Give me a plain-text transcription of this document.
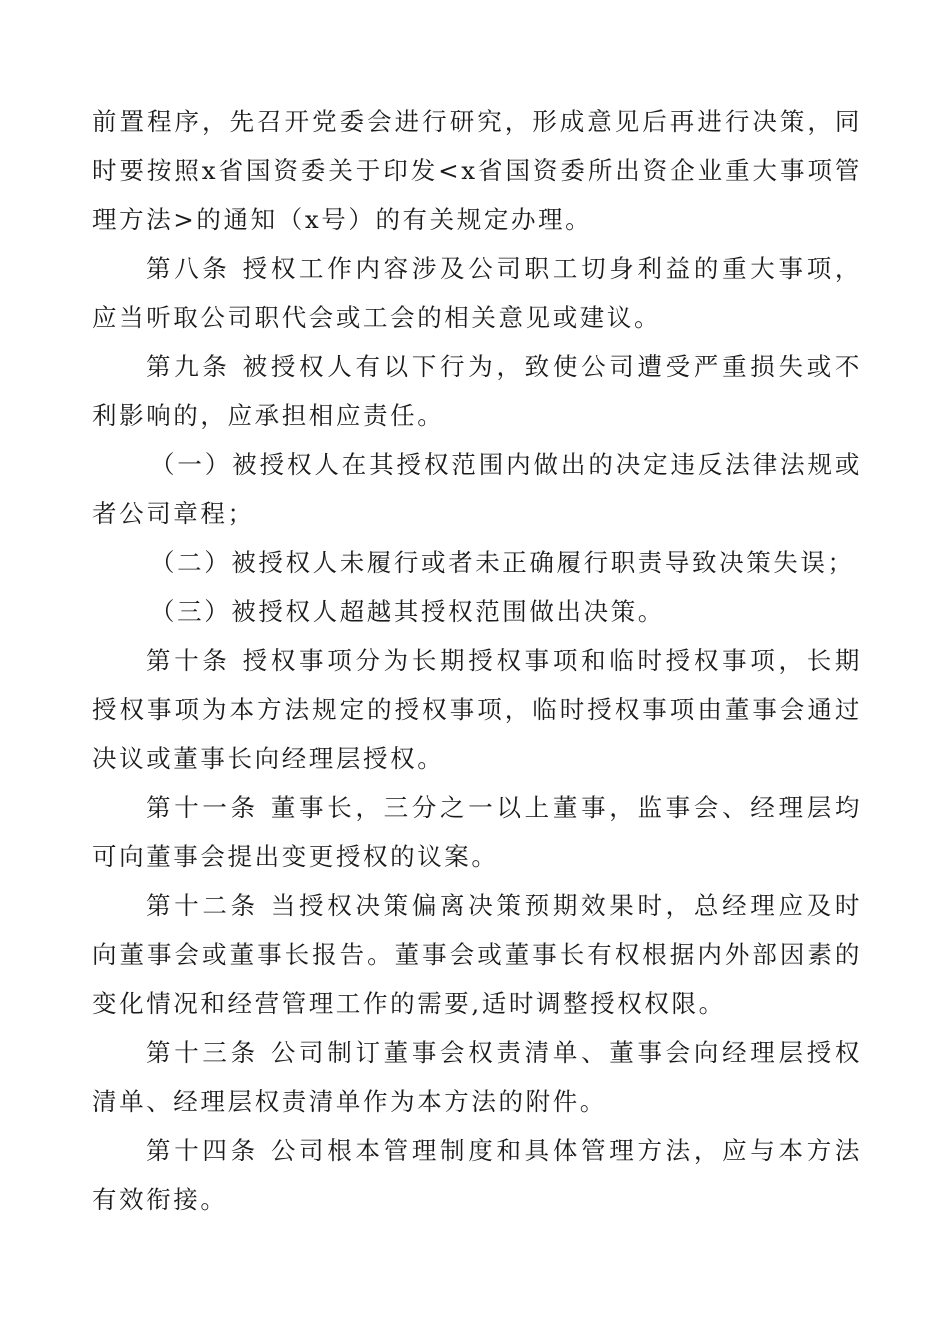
前置程序，先召开党委会进行研究，形成意见后再进行决策，同时要按照x省国资委关于印发<x省国资委所出资企业重大事项管理方法>的通知（x号）的有关规定办理。

第八条 授权工作内容涉及公司职工切身利益的重大事项，应当听取公司职代会或工会的相关意见或建议。

第九条 被授权人有以下行为，致使公司遭受严重损失或不利影响的，应承担相应责任。

（一）被授权人在其授权范围内做出的决定违反法律法规或者公司章程；

（二）被授权人未履行或者未正确履行职责导致决策失误；

（三）被授权人超越其授权范围做出决策。

第十条 授权事项分为长期授权事项和临时授权事项，长期授权事项为本方法规定的授权事项，临时授权事项由董事会通过决议或董事长向经理层授权。

第十一条 董事长，三分之一以上董事，监事会、经理层均可向董事会提出变更授权的议案。

第十二条 当授权决策偏离决策预期效果时，总经理应及时向董事会或董事长报告。董事会或董事长有权根据内外部因素的变化情况和经营管理工作的需要,适时调整授权权限。

第十三条 公司制订董事会权责清单、董事会向经理层授权清单、经理层权责清单作为本方法的附件。

第十四条 公司根本管理制度和具体管理方法，应与本方法有效衔接。
